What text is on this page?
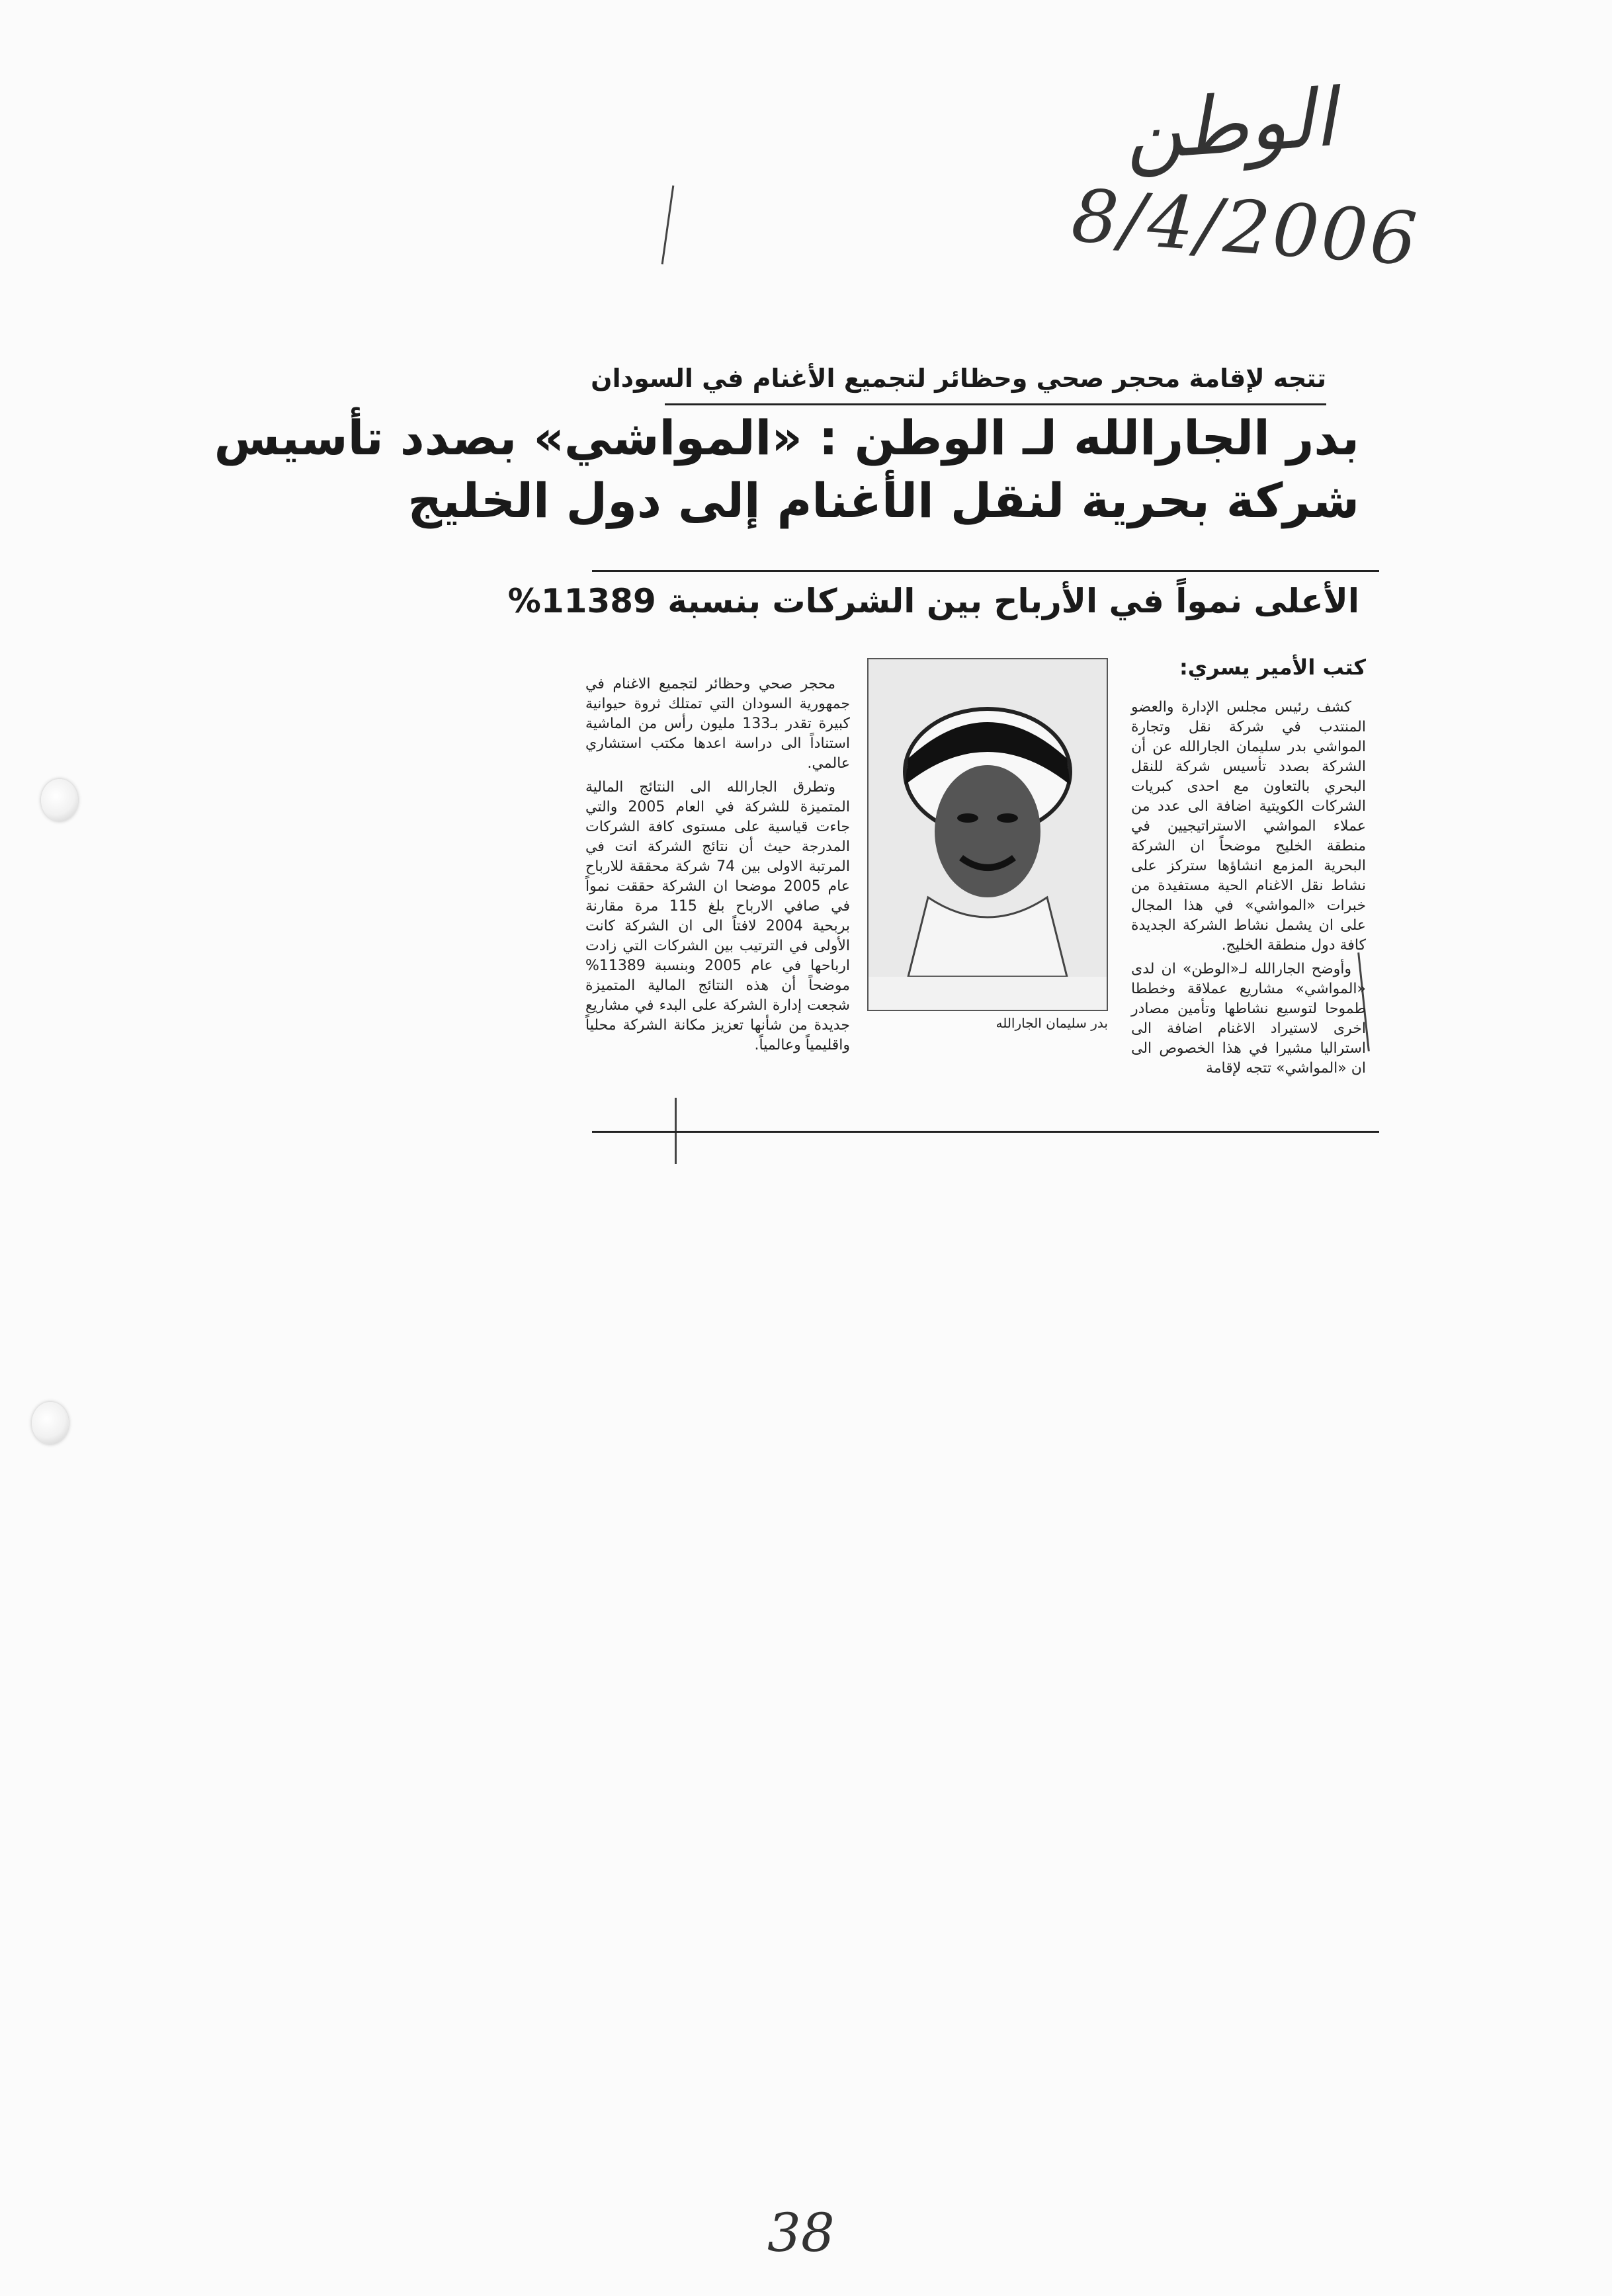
الوطن
8/4/2006
38
تتجه لإقامة محجر صحي وحظائر لتجميع الأغنام في السودان
بدر الجارالله لـ الوطن : «المواشي» بصدد تأسيس
شركة بحرية لنقل الأغنام إلى دول الخليج
الأعلى نمواً في الأرباح بين الشركات بنسبة 11389%
كتب الأمير يسري:

كشف رئيس مجلس الإدارة والعضو المنتدب في شركة نقل وتجارة المواشي بدر سليمان الجارالله عن أن الشركة بصدد تأسيس شركة للنقل البحري بالتعاون مع احدى كبريات الشركات الكويتية اضافة الى عدد من عملاء المواشي الاستراتيجيين في منطقة الخليج موضحاً ان الشركة البحرية المزمع انشاؤها ستركز على نشاط نقل الاغنام الحية مستفيدة من خبرات «المواشي» في هذا المجال على ان يشمل نشاط الشركة الجديدة كافة دول منطقة الخليج.

وأوضح الجارالله لـ«الوطن» ان لدى «المواشي» مشاريع عملاقة وخططا طموحا لتوسيع نشاطها وتأمين مصادر اخرى لاستيراد الاغنام اضافة الى استراليا مشيرا في هذا الخصوص الى ان «المواشي» تتجه لإقامة

بدر سليمان الجارالله

محجر صحي وحظائر لتجميع الاغنام في جمهورية السودان التي تمتلك ثروة حيوانية كبيرة تقدر بـ133 مليون رأس من الماشية استناداً الى دراسة اعدها مكتب استشاري عالمي.

وتطرق الجارالله الى النتائج المالية المتميزة للشركة في العام 2005 والتي جاءت قياسية على مستوى كافة الشركات المدرجة حيث أن نتائج الشركة اتت في المرتبة الاولى بين 74 شركة محققة للارباح عام 2005 موضحا ان الشركة حققت نمواً في صافي الارباح بلغ 115 مرة مقارنة بربحية 2004 لافتاً الى ان الشركة كانت الأولى في الترتيب بين الشركات التي زادت ارباحها في عام 2005 وبنسبة 11389% موضحاً أن هذه النتائج المالية المتميزة شجعت إدارة الشركة على البدء في مشاريع جديدة من شأنها تعزيز مكانة الشركة محلياً واقليمياً وعالمياً.
